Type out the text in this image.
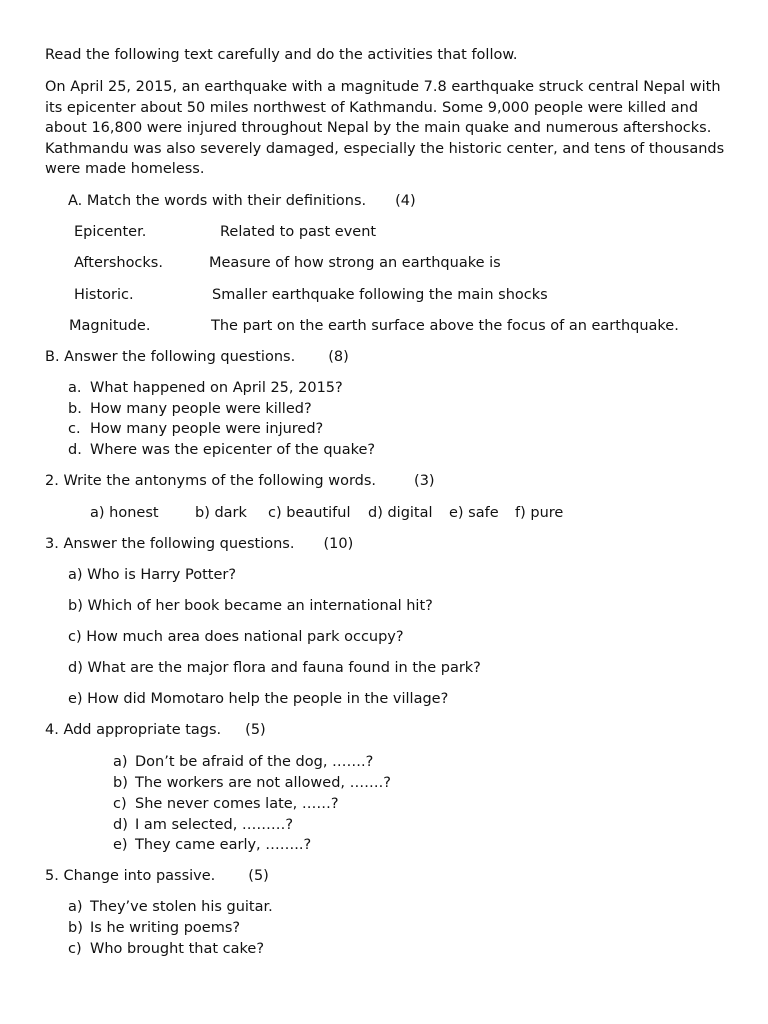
Read the following text carefully and do the activities that follow.
On April 25, 2015, an earthquake with a magnitude 7.8 earthquake struck central Nepal with its epicenter about 50 miles northwest of Kathmandu. Some 9,000 people were killed and about 16,800 were injured throughout Nepal by the main quake and numerous aftershocks. Kathmandu was also severely damaged, especially the historic center, and tens of thousands were made homeless.
A. Match the words with their definitions. (4)
Epicenter.	Related to past event
Aftershocks.	Measure of how strong an earthquake is
Historic.	Smaller earthquake following the main shocks
Magnitude.	The part on the earth surface above the focus of an earthquake.
B. Answer the following questions. (8)
a. What happened on April 25, 2015?
b. How many people were killed?
c. How many people were injured?
d. Where was the epicenter of the quake?
2. Write the antonyms of the following words.	(3)
a) honest	b) dark c) beautiful d) digital e) safe f) pure
3. Answer the following questions. (10)
a) Who is Harry Potter?
b) Which of her book became an international hit?
c) How much area does national park occupy?
d) What are the major flora and fauna found in the park?
e) How did Momotaro help the people in the village?
4. Add appropriate tags. (5)
a) Don’t be afraid of the dog, …….?
b) The workers are not allowed, …….?
c) She never comes late, ……?
d) I am selected, ………?
e) They came early, ……..?
5. Change into passive. (5)
a) They’ve stolen his guitar.
b) Is he writing poems?
c) Who brought that cake?
